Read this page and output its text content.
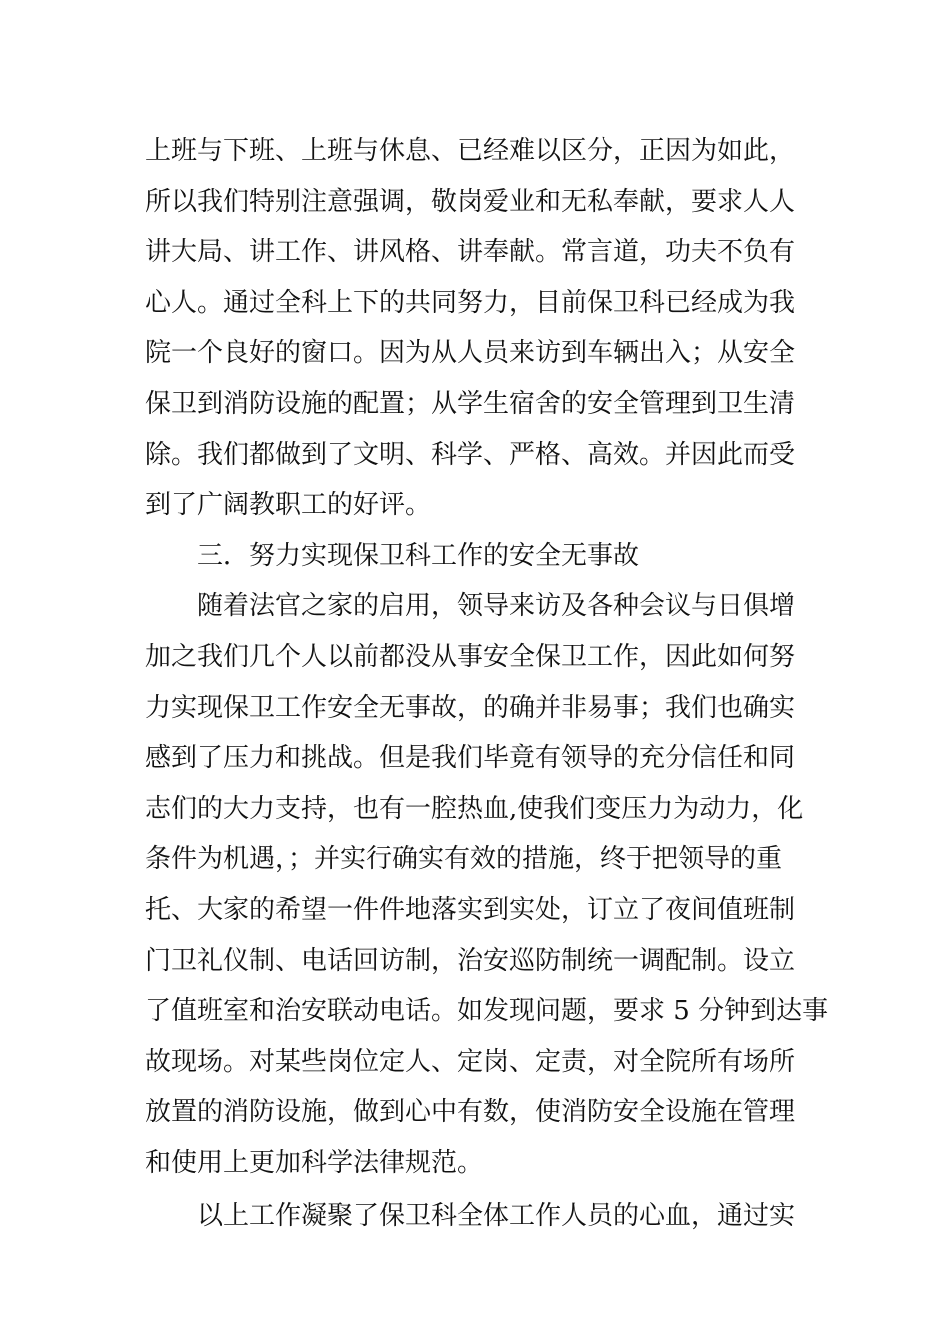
上班与下班、上班与休息、已经难以区分，正因为如此，
所以我们特别注意强调，敬岗爱业和无私奉献，要求人人
讲大局、讲工作、讲风格、讲奉献。常言道，功夫不负有
心人。通过全科上下的共同努力，目前保卫科已经成为我
院一个良好的窗口。因为从人员来访到车辆出入；从安全
保卫到消防设施的配置；从学生宿舍的安全管理到卫生清
除。我们都做到了文明、科学、严格、高效。并因此而受
到了广阔教职工的好评。
三．努力实现保卫科工作的安全无事故
随着法官之家的启用，领导来访及各种会议与日俱增
加之我们几个人以前都没从事安全保卫工作，因此如何努
力实现保卫工作安全无事故，的确并非易事；我们也确实
感到了压力和挑战。但是我们毕竟有领导的充分信任和同
志们的大力支持，也有一腔热血,使我们变压力为动力，化
条件为机遇，；并实行确实有效的措施，终于把领导的重
托、大家的希望一件件地落实到实处，订立了夜间值班制
门卫礼仪制、电话回访制，治安巡防制统一调配制。设立
了值班室和治安联动电话。如发现问题，要求 5 分钟到达事
故现场。对某些岗位定人、定岗、定责，对全院所有场所
放置的消防设施，做到心中有数，使消防安全设施在管理
和使用上更加科学法律规范。
以上工作凝聚了保卫科全体工作人员的心血，通过实
